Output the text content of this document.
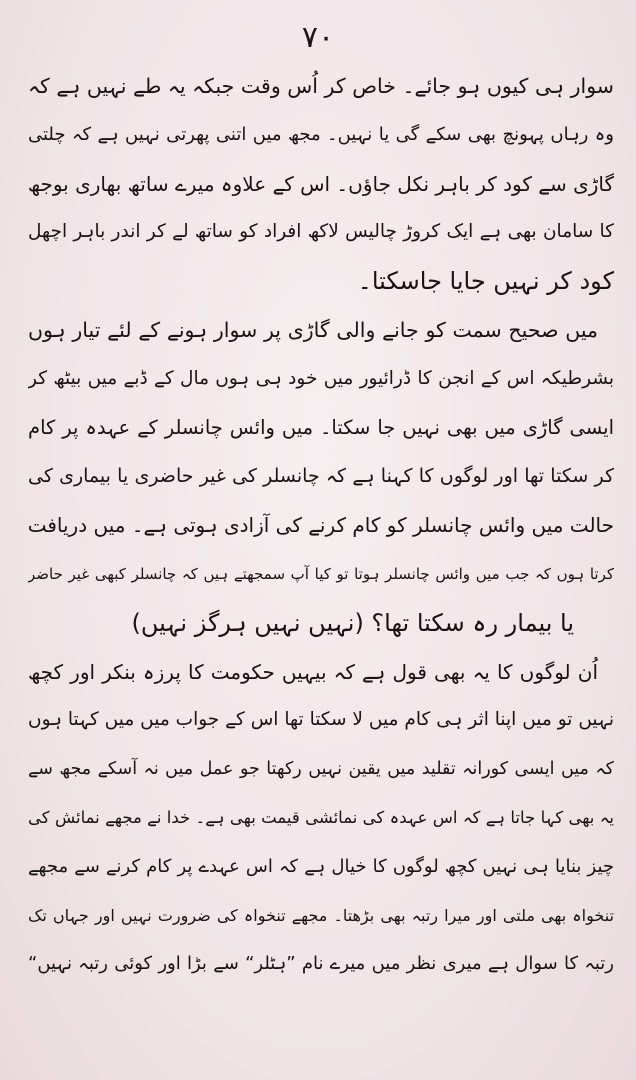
۷۰
سوار ہی کیوں ہو جائے۔ خاص کر اُس وقت جبکہ یہ طے نہیں ہے کہ
وہ رہاں پہونچ بھی سکے گی یا نہیں۔ مجھ میں اتنی پھرتی نہیں ہے کہ چلتی
گاڑی سے کود کر باہر نکل جاؤں۔ اس کے علاوہ میرے ساتھ بھاری بوجھ
کا سامان بھی ہے ایک کروڑ چالیس لاکھ افراد کو ساتھ لے کر اندر باہر اچھل
کود کر نہیں جایا جاسکتا۔
میں صحیح سمت کو جانے والی گاڑی پر سوار ہونے کے لئے تیار ہوں
بشرطیکہ اس کے انجن کا ڈرائیور میں خود ہی ہوں مال کے ڈبے میں بیٹھ کر
ایسی گاڑی میں بھی نہیں جا سکتا۔ میں وائس چانسلر کے عہدہ پر کام
کر سکتا تھا اور لوگوں کا کہنا ہے کہ چانسلر کی غیر حاضری یا بیماری کی
حالت میں وائس چانسلر کو کام کرنے کی آزادی ہوتی ہے۔ میں دریافت
کرتا ہوں کہ جب میں وائس چانسلر ہوتا تو کیا آپ سمجھتے ہیں کہ چانسلر کبھی غیر حاضر
یا بیمار رہ سکتا تھا؟ (نہیں نہیں ہرگز نہیں)
اُن لوگوں کا یہ بھی قول ہے کہ بیہیں حکومت کا پرزہ بنکر اور کچھ
نہیں تو میں اپنا اثر ہی کام میں لا سکتا تھا اس کے جواب میں میں کہتا ہوں
کہ میں ایسی کورانہ تقلید میں یقین نہیں رکھتا جو عمل میں نہ آسکے مجھ سے
یہ بھی کہا جاتا ہے کہ اس عہدہ کی نمائشی قیمت بھی ہے۔ خدا نے مجھے نمائش کی
چیز بنایا ہی نہیں کچھ لوگوں کا خیال ہے کہ اس عہدے پر کام کرنے سے مجھے
تنخواہ بھی ملتی اور میرا رتبہ بھی بڑھتا۔ مجھے تنخواہ کی ضرورت نہیں اور جہاں تک
رتبہ کا سوال ہے میری نظر میں میرے نام ”ہٹلر“ سے بڑا اور کوئی رتبہ نہیں“
